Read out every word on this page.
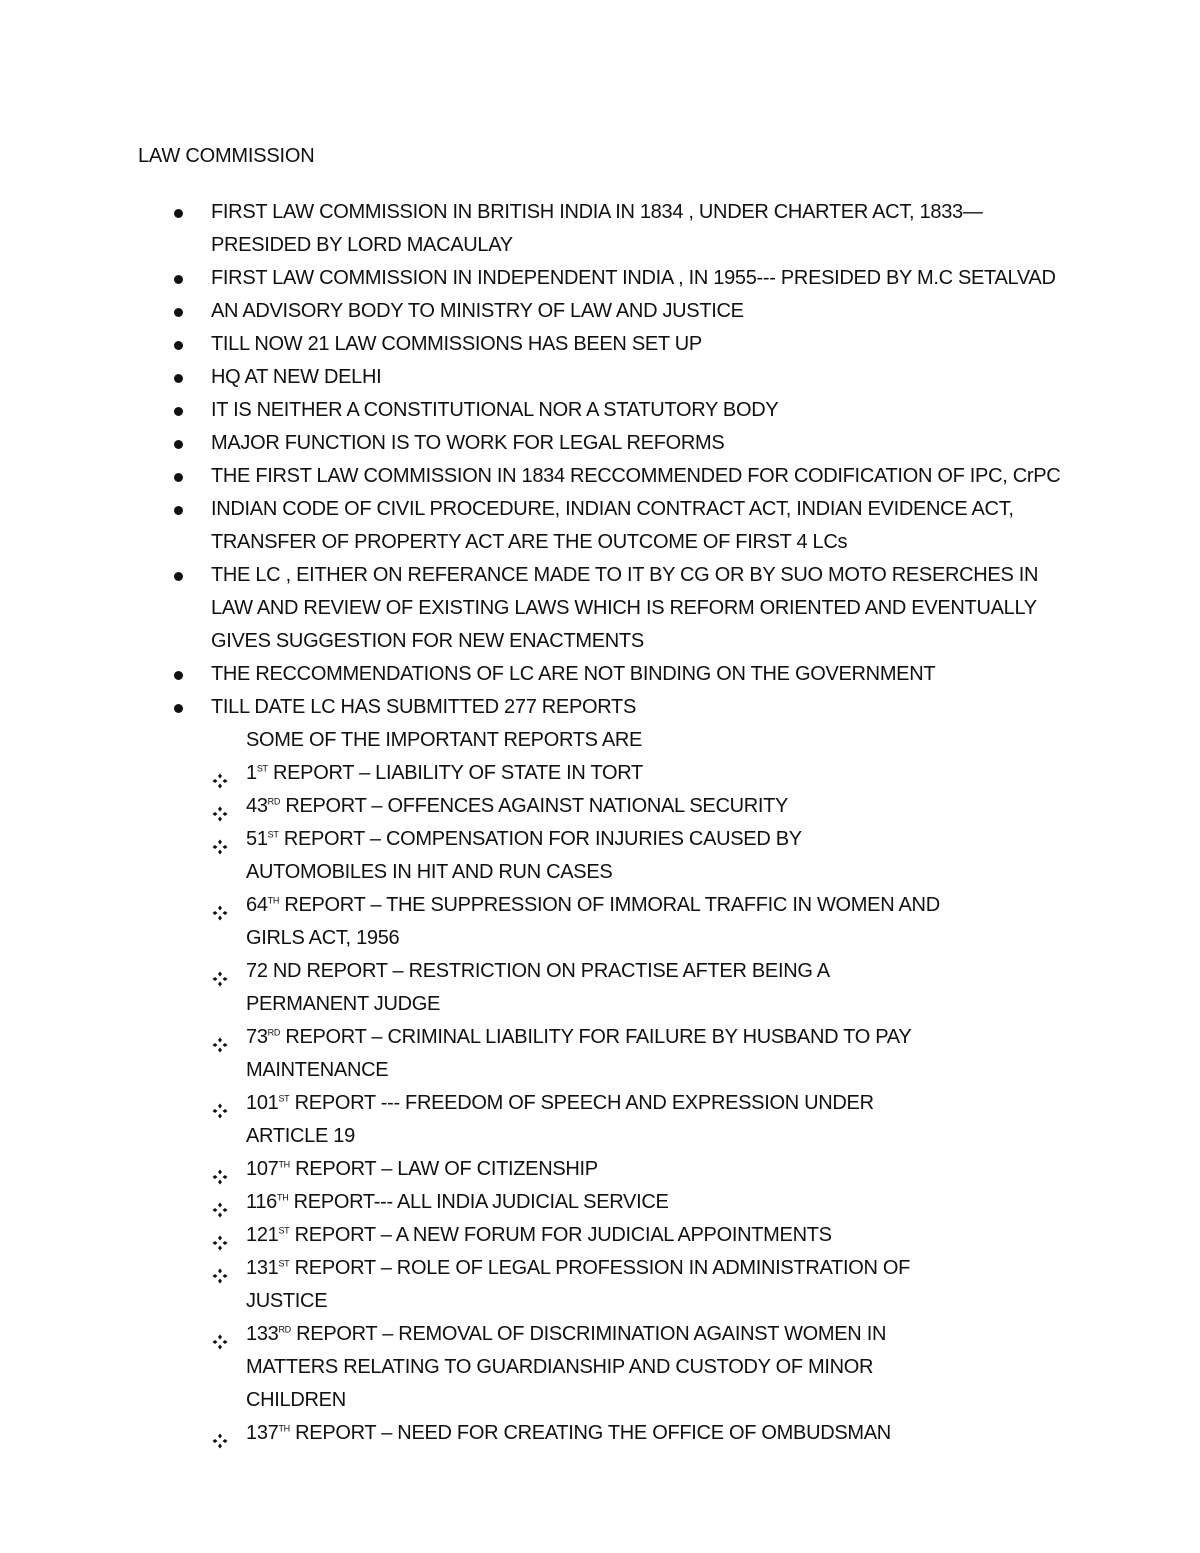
LAW COMMISSION
FIRST LAW COMMISSION IN BRITISH INDIA IN 1834 , UNDER CHARTER ACT, 1833—PRESIDED BY LORD MACAULAY
FIRST LAW COMMISSION IN INDEPENDENT INDIA , IN 1955--- PRESIDED BY M.C SETALVAD
AN ADVISORY BODY TO MINISTRY OF LAW AND JUSTICE
TILL NOW 21 LAW COMMISSIONS HAS BEEN SET UP
HQ AT NEW DELHI
IT IS NEITHER A CONSTITUTIONAL NOR A STATUTORY BODY
MAJOR FUNCTION IS TO WORK FOR LEGAL REFORMS
THE FIRST LAW COMMISSION IN 1834 RECCOMMENDED FOR CODIFICATION OF IPC, CrPC
INDIAN CODE OF CIVIL PROCEDURE, INDIAN CONTRACT ACT, INDIAN EVIDENCE ACT, TRANSFER OF PROPERTY ACT ARE THE OUTCOME OF FIRST 4 LCs
THE LC , EITHER ON REFERANCE MADE TO IT BY CG OR BY SUO MOTO RESERCHES IN LAW AND REVIEW OF EXISTING LAWS WHICH IS REFORM ORIENTED AND EVENTUALLY GIVES SUGGESTION FOR NEW ENACTMENTS
THE RECCOMMENDATIONS OF LC ARE NOT BINDING ON THE GOVERNMENT
TILL DATE LC HAS SUBMITTED 277 REPORTS
SOME OF THE IMPORTANT REPORTS ARE
1ST REPORT – LIABILITY OF STATE IN TORT
43RD REPORT – OFFENCES AGAINST NATIONAL SECURITY
51ST REPORT – COMPENSATION FOR INJURIES CAUSED BY AUTOMOBILES IN HIT AND RUN CASES
64TH REPORT – THE SUPPRESSION OF IMMORAL TRAFFIC IN WOMEN AND GIRLS ACT, 1956
72 ND REPORT – RESTRICTION ON PRACTISE AFTER BEING A PERMANENT JUDGE
73RD REPORT – CRIMINAL LIABILITY FOR FAILURE BY HUSBAND TO PAY MAINTENANCE
101ST REPORT --- FREEDOM OF SPEECH AND EXPRESSION UNDER ARTICLE 19
107TH REPORT – LAW OF CITIZENSHIP
116TH REPORT--- ALL INDIA JUDICIAL SERVICE
121ST REPORT – A NEW FORUM FOR JUDICIAL APPOINTMENTS
131ST REPORT – ROLE OF LEGAL PROFESSION IN ADMINISTRATION OF JUSTICE
133RD REPORT – REMOVAL OF DISCRIMINATION AGAINST WOMEN IN MATTERS RELATING TO GUARDIANSHIP AND CUSTODY OF MINOR CHILDREN
137TH REPORT – NEED FOR CREATING THE OFFICE OF OMBUDSMAN
